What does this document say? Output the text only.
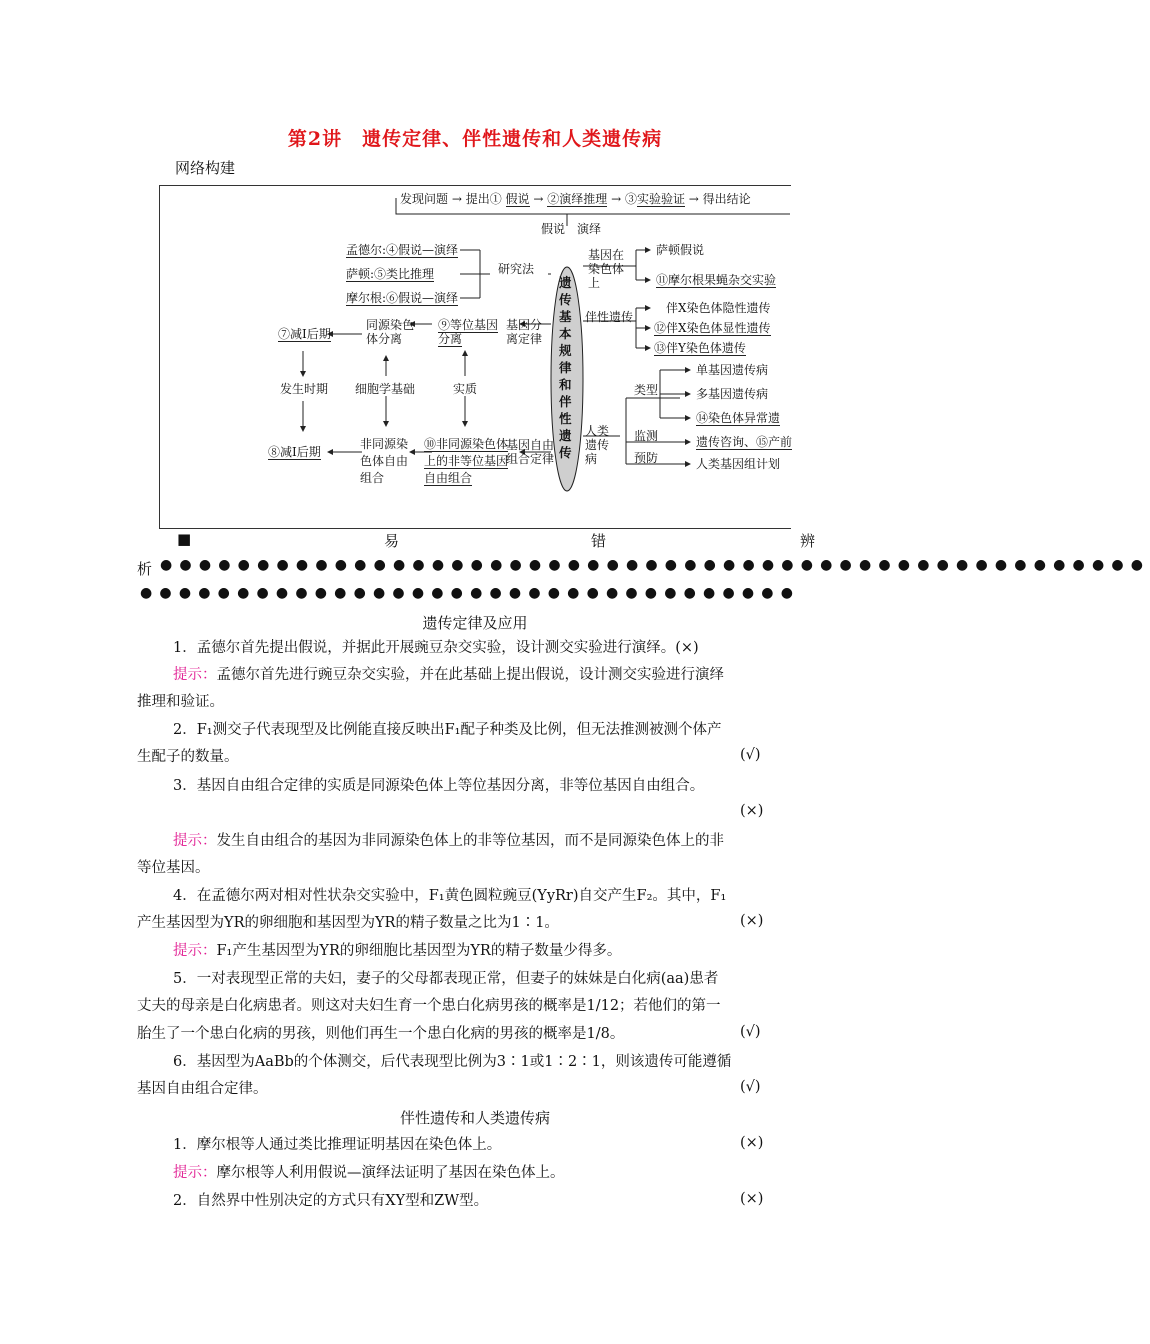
第2讲　遗传定律、伴性遗传和人类遗传病
网络构建
发现问题 → 提出① 假说 → ②演绎推理 → ③实验验证 → 得出结论
假说　演绎
遗传基本规律和伴性遗传
孟德尔:④假说—演绎
萨顿:⑤类比推理
摩尔根:⑥假说—演绎
研究法
基因在染色体上
萨顿假说
⑪摩尔根果蝇杂交实验
基因分离定律
⑨等位基因分离
同源染色体分离
⑦减Ⅰ后期
发生时期 细胞学基础	实质
⑧减Ⅰ后期
非同源染色体自由组合
⑩非同源染色体上的非等位基因自由组合
基因自由组合定律
伴性遗传
伴X染色体隐性遗传
⑫伴X染色体显性遗传
⑬伴Y染色体遗传
人类遗传病
类型
单基因遗传病
多基因遗传病
⑭染色体异常遗
监测	遗传咨询、⑮产前
预防	人类基因组计划
■	易	错	辨
析 ●●●●●●●●●●●●●●●●●●●●●●●●●●●●●●●●●●●●●●●●●●●●●●●●●●●
●●●●●●●●●●●●●●●●●●●●●●●●●●●●●●●●●●
遗传定律及应用
1．孟德尔首先提出假说，并据此开展豌豆杂交实验，设计测交实验进行演绎。(×)
提示：孟德尔首先进行豌豆杂交实验，并在此基础上提出假说，设计测交实验进行演绎
推理和验证。
2．F₁测交子代表现型及比例能直接反映出F₁配子种类及比例，但无法推测被测个体产
生配子的数量。	(√)
3．基因自由组合定律的实质是同源染色体上等位基因分离，非等位基因自由组合。
(×)
提示：发生自由组合的基因为非同源染色体上的非等位基因，而不是同源染色体上的非
等位基因。
4．在孟德尔两对相对性状杂交实验中，F₁黄色圆粒豌豆(YyRr)自交产生F₂。其中，F₁
产生基因型为YR的卵细胞和基因型为YR的精子数量之比为1∶1。	(×)
提示：F₁产生基因型为YR的卵细胞比基因型为YR的精子数量少得多。
5．一对表现型正常的夫妇，妻子的父母都表现正常，但妻子的妹妹是白化病(aa)患者
丈夫的母亲是白化病患者。则这对夫妇生育一个患白化病男孩的概率是1/12；若他们的第一
胎生了一个患白化病的男孩，则他们再生一个患白化病的男孩的概率是1/8。	(√)
6．基因型为AaBb的个体测交，后代表现型比例为3∶1或1∶2∶1，则该遗传可能遵循
基因自由组合定律。	(√)
伴性遗传和人类遗传病
1．摩尔根等人通过类比推理证明基因在染色体上。	(×)
提示：摩尔根等人利用假说—演绎法证明了基因在染色体上。
2．自然界中性别决定的方式只有XY型和ZW型。	(×)
